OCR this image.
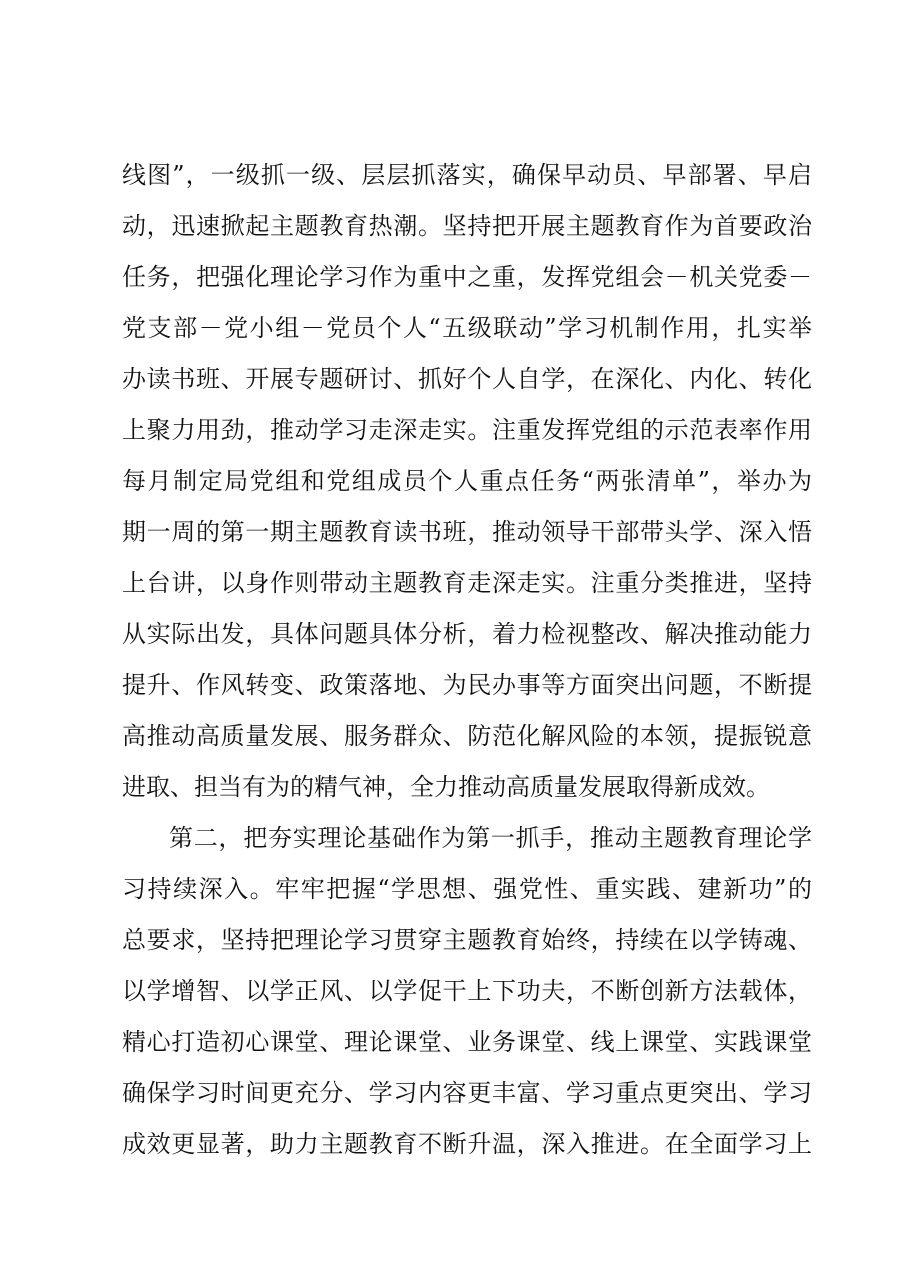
线图”，一级抓一级、层层抓落实，确保早动员、早部署、早启
动，迅速掀起主题教育热潮。坚持把开展主题教育作为首要政治
任务，把强化理论学习作为重中之重，发挥党组会－机关党委－
党支部－党小组－党员个人“五级联动”学习机制作用，扎实举
办读书班、开展专题研讨、抓好个人自学，在深化、内化、转化
上聚力用劲，推动学习走深走实。注重发挥党组的示范表率作用
每月制定局党组和党组成员个人重点任务“两张清单”，举办为
期一周的第一期主题教育读书班，推动领导干部带头学、深入悟
上台讲，以身作则带动主题教育走深走实。注重分类推进，坚持
从实际出发，具体问题具体分析，着力检视整改、解决推动能力
提升、作风转变、政策落地、为民办事等方面突出问题，不断提
高推动高质量发展、服务群众、防范化解风险的本领，提振锐意
进取、担当有为的精气神，全力推动高质量发展取得新成效。
第二，把夯实理论基础作为第一抓手，推动主题教育理论学
习持续深入。牢牢把握“学思想、强党性、重实践、建新功”的
总要求，坚持把理论学习贯穿主题教育始终，持续在以学铸魂、
以学增智、以学正风、以学促干上下功夫，不断创新方法载体，
精心打造初心课堂、理论课堂、业务课堂、线上课堂、实践课堂
确保学习时间更充分、学习内容更丰富、学习重点更突出、学习
成效更显著，助力主题教育不断升温，深入推进。在全面学习上
